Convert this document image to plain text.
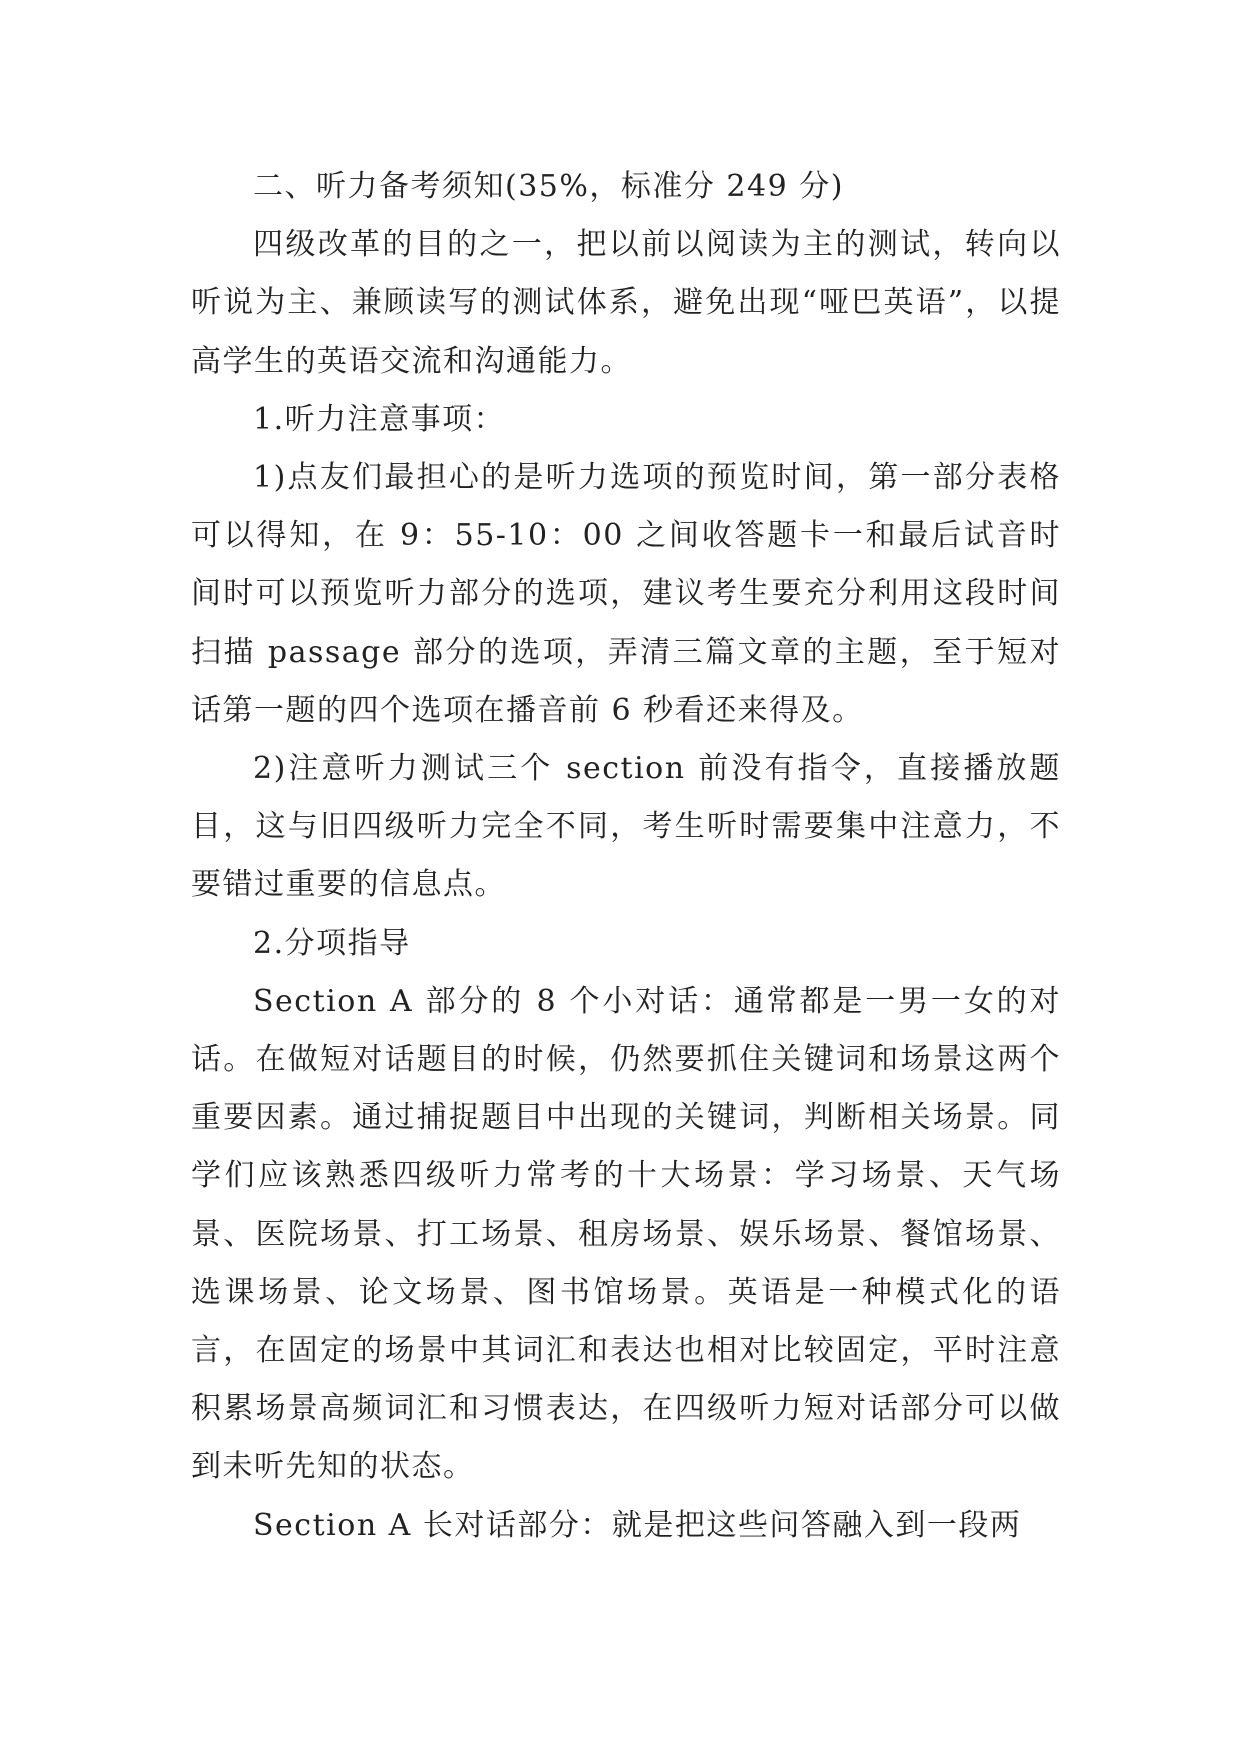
二、听力备考须知(35%，标准分 249 分)

四级改革的目的之一，把以前以阅读为主的测试，转向以听说为主、兼顾读写的测试体系，避免出现“哑巴英语”，以提高学生的英语交流和沟通能力。

1.听力注意事项：

1)点友们最担心的是听力选项的预览时间，第一部分表格可以得知，在 9：55-10：00 之间收答题卡一和最后试音时间时可以预览听力部分的选项，建议考生要充分利用这段时间扫描 passage 部分的选项，弄清三篇文章的主题，至于短对话第一题的四个选项在播音前 6 秒看还来得及。

2)注意听力测试三个 section 前没有指令，直接播放题目，这与旧四级听力完全不同，考生听时需要集中注意力，不要错过重要的信息点。

2.分项指导

Section A 部分的 8 个小对话：通常都是一男一女的对话。在做短对话题目的时候，仍然要抓住关键词和场景这两个重要因素。通过捕捉题目中出现的关键词，判断相关场景。同学们应该熟悉四级听力常考的十大场景：学习场景、天气场景、医院场景、打工场景、租房场景、娱乐场景、餐馆场景、选课场景、论文场景、图书馆场景。英语是一种模式化的语言，在固定的场景中其词汇和表达也相对比较固定，平时注意积累场景高频词汇和习惯表达，在四级听力短对话部分可以做到未听先知的状态。

Section A 长对话部分：就是把这些问答融入到一段两
